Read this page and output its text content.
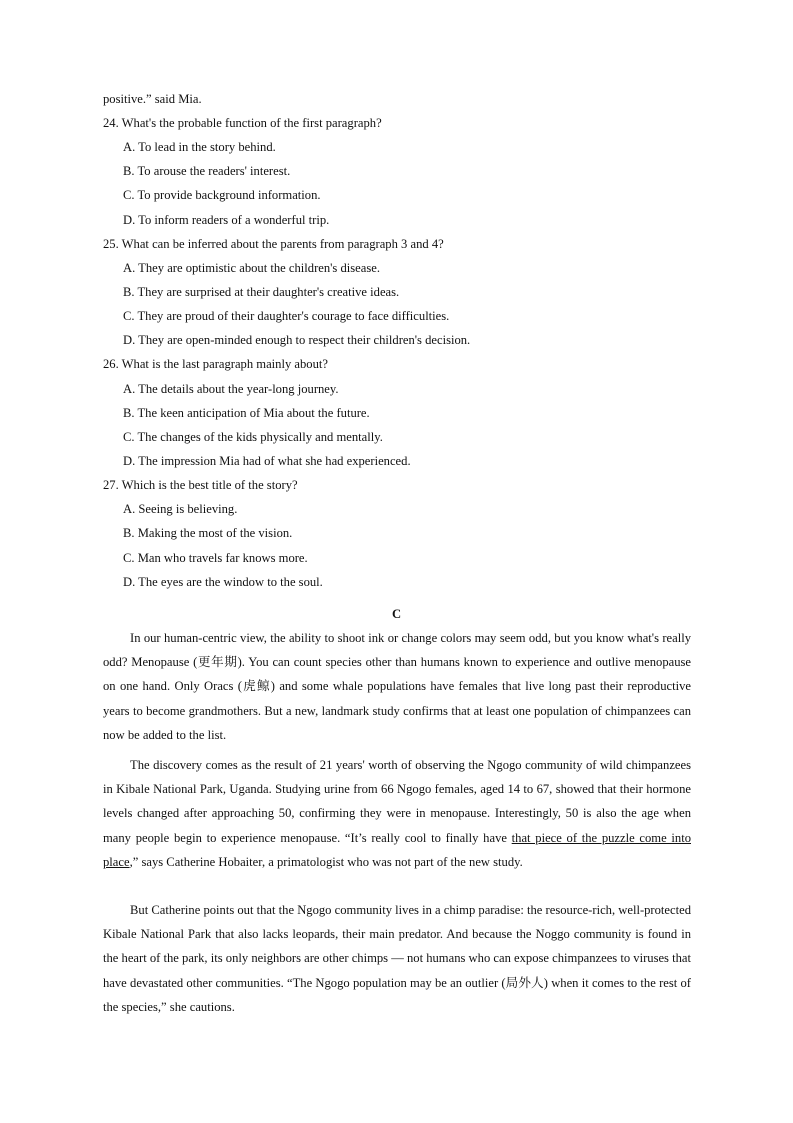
positive.” said Mia.
24. What's the probable function of the first paragraph?
A. To lead in the story behind.
B. To arouse the readers' interest.
C. To provide background information.
D. To inform readers of a wonderful trip.
25. What can be inferred about the parents from paragraph 3 and 4?
A. They are optimistic about the children's disease.
B. They are surprised at their daughter's creative ideas.
C. They are proud of their daughter's courage to face difficulties.
D. They are open-minded enough to respect their children's decision.
26. What is the last paragraph mainly about?
A. The details about the year-long journey.
B. The keen anticipation of Mia about the future.
C. The changes of the kids physically and mentally.
D. The impression Mia had of what she had experienced.
27. Which is the best title of the story?
A. Seeing is believing.
B. Making the most of the vision.
C. Man who travels far knows more.
D. The eyes are the window to the soul.
C
In our human-centric view, the ability to shoot ink or change colors may seem odd, but you know what's really odd? Menopause (更年期). You can count species other than humans known to experience and outlive menopause on one hand. Only Oracs (虎鲸) and some whale populations have females that live long past their reproductive years to become grandmothers. But a new, landmark study confirms that at least one population of chimpanzees can now be added to the list.
The discovery comes as the result of 21 years' worth of observing the Ngogo community of wild chimpanzees in Kibale National Park, Uganda. Studying urine from 66 Ngogo females, aged 14 to 67, showed that their hormone levels changed after approaching 50, confirming they were in menopause. Interestingly, 50 is also the age when many people begin to experience menopause. “It’s really cool to finally have that piece of the puzzle come into place,” says Catherine Hobaiter, a primatologist who was not part of the new study.
But Catherine points out that the Ngogo community lives in a chimp paradise: the resource-rich, well-protected Kibale National Park that also lacks leopards, their main predator. And because the Noggo community is found in the heart of the park, its only neighbors are other chimps — not humans who can expose chimpanzees to viruses that have devastated other communities. “The Ngogo population may be an outlier (局外人) when it comes to the rest of the species,” she cautions.
